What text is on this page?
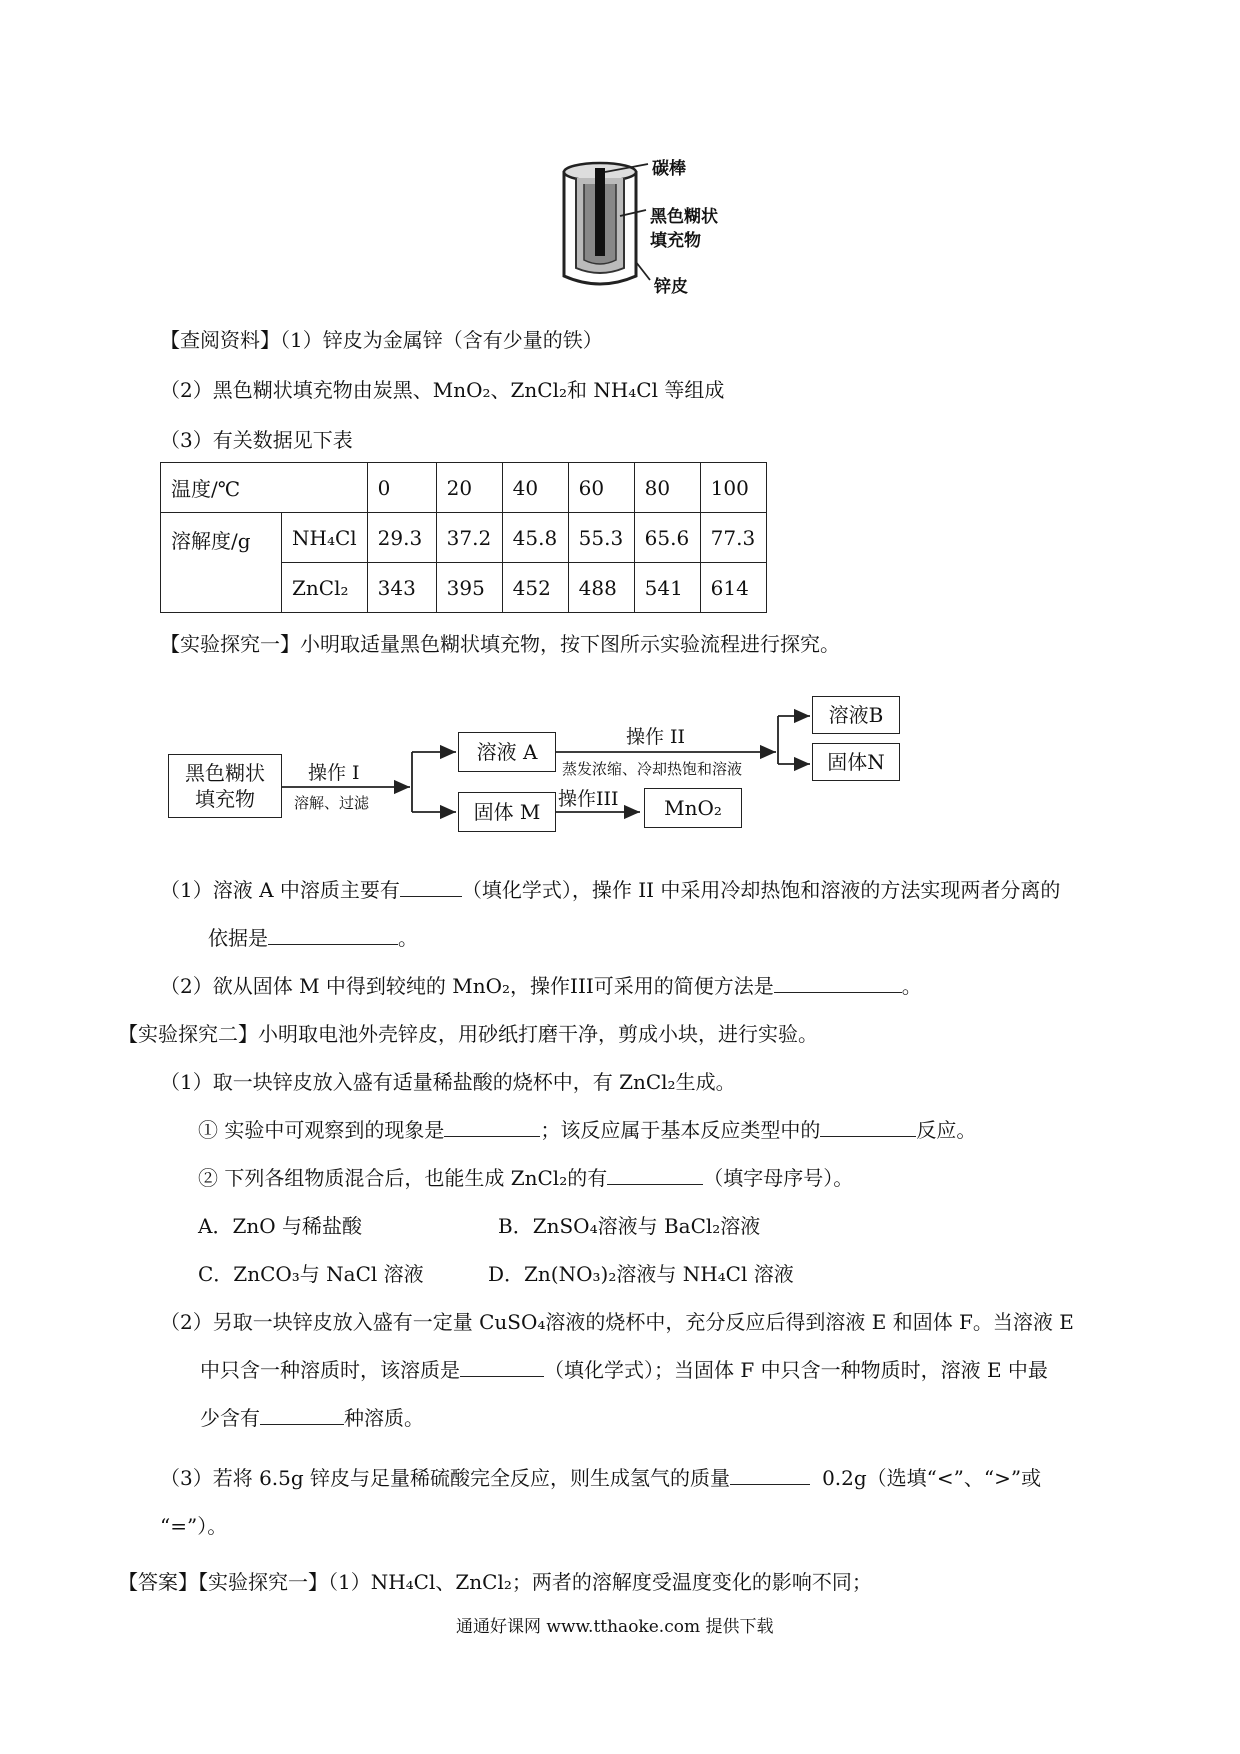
碳棒
黑色糊状
填充物
锌皮
【查阅资料】（1）锌皮为金属锌（含有少量的铁）
（2）黑色糊状填充物由炭黑、MnO₂、ZnCl₂和 NH₄Cl 等组成
（3）有关数据见下表
温度/℃		0	20	40	60	80	100
溶解度/g	NH₄Cl	29.3	37.2	45.8	55.3	65.6	77.3
	ZnCl₂	343	395	452	488	541	614
【实验探究一】小明取适量黑色糊状填充物，按下图所示实验流程进行探究。
黑色糊状
填充物
操作 I
溶解、过滤
溶液 A
操作 II
蒸发浓缩、冷却热饱和溶液
溶液B
固体N
固体 M
操作III	MnO₂
（1）溶液 A 中溶质主要有	（填化学式），操作 II 中采用冷却热饱和溶液的方法实现两者分离的
依据是	。
（2）欲从固体 M 中得到较纯的 MnO₂，操作III可采用的简便方法是	。
【实验探究二】小明取电池外壳锌皮，用砂纸打磨干净，剪成小块，进行实验。
（1）取一块锌皮放入盛有适量稀盐酸的烧杯中，有 ZnCl₂生成。
① 实验中可观察到的现象是	；该反应属于基本反应类型中的	反应。
② 下列各组物质混合后，也能生成 ZnCl₂的有	（填字母序号）。
A．ZnO 与稀盐酸	B．ZnSO₄溶液与 BaCl₂溶液
C．ZnCO₃与 NaCl 溶液	D．Zn(NO₃)₂溶液与 NH₄Cl 溶液
（2）另取一块锌皮放入盛有一定量 CuSO₄溶液的烧杯中，充分反应后得到溶液 E 和固体 F。当溶液 E
中只含一种溶质时，该溶质是	（填化学式）；当固体 F 中只含一种物质时，溶液 E 中最
少含有	种溶质。
（3）若将 6.5g 锌皮与足量稀硫酸完全反应，则生成氢气的质量	0.2g（选填“<”、“>”或
“=”）。
【答案】【实验探究一】（1）NH₄Cl、ZnCl₂；两者的溶解度受温度变化的影响不同；
通通好课网 www.tthaoke.com 提供下载
